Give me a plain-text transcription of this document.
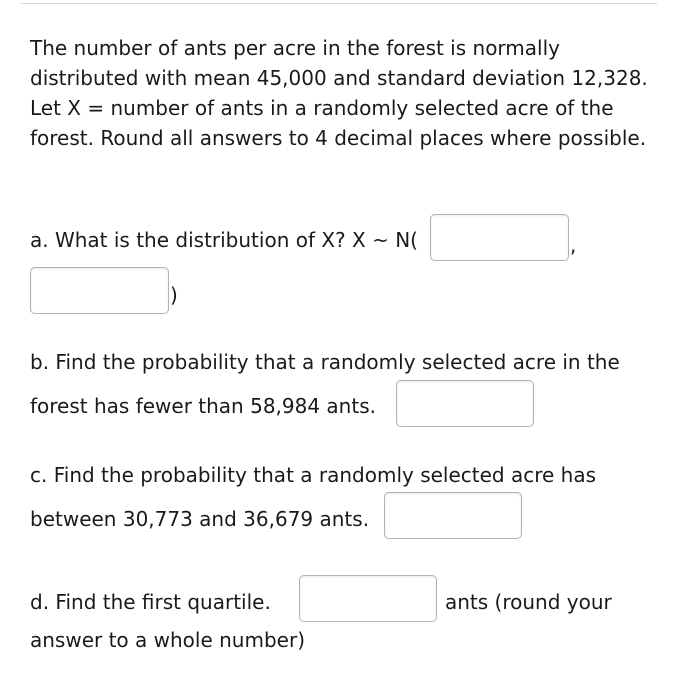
The number of ants per acre in the forest is normally distributed with mean 45,000 and standard deviation 12,328. Let X = number of ants in a randomly selected acre of the forest. Round all answers to 4 decimal places where possible.

a. What is the distribution of X? X ~ N(	,
)
b. Find the probability that a randomly selected acre in the
forest has fewer than 58,984 ants.
c. Find the probability that a randomly selected acre has
between 30,773 and 36,679 ants.
d. Find the first quartile.	ants (round your
answer to a whole number)
